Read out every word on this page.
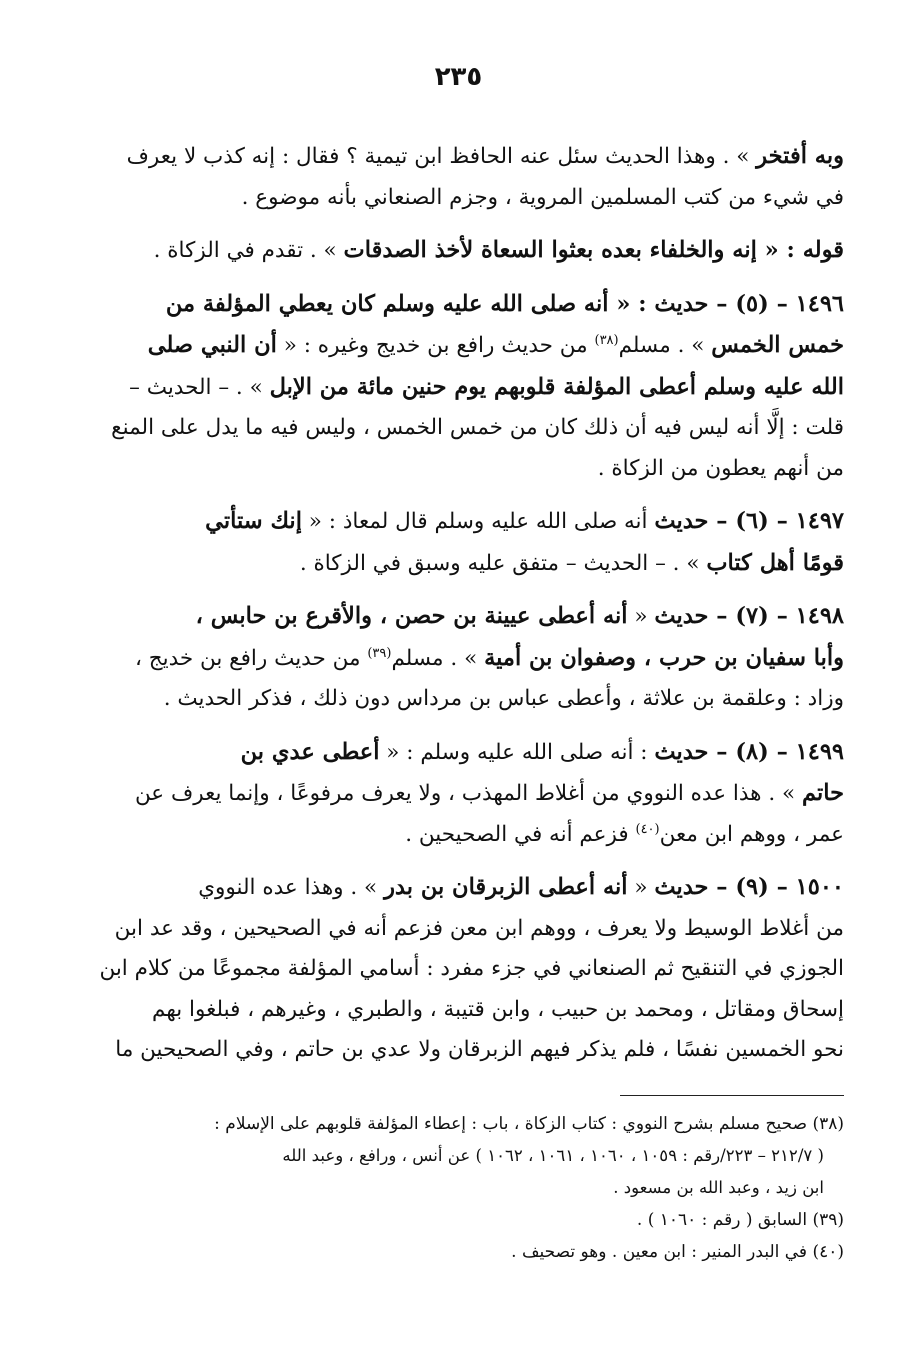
٢٣٥
وبه أفتخر » . وهذا الحديث سئل عنه الحافظ ابن تيمية ؟ فقال : إنه كذب لا يعرف
في شيء من كتب المسلمين المروية ، وجزم الصنعاني بأنه موضوع .
قوله : « إنه والخلفاء بعده بعثوا السعاة لأخذ الصدقات » . تقدم في الزكاة .
١٤٩٦ – (٥) – حديث : « أنه صلى الله عليه وسلم كان يعطي المؤلفة من
خمس الخمس » . مسلم$^{(٣٨)}$ من حديث رافع بن خديج وغيره : « أن النبي صلى
الله عليه وسلم أعطى المؤلفة قلوبهم يوم حنين مائة من الإبل » . – الحديث –
قلت : إلَّا أنه ليس فيه أن ذلك كان من خمس الخمس ، وليس فيه ما يدل على المنع
من أنهم يعطون من الزكاة .
١٤٩٧ – (٦) – حديث أنه صلى الله عليه وسلم قال لمعاذ : « إنك ستأتي
قومًا أهل كتاب » . – الحديث – متفق عليه وسبق في الزكاة .
١٤٩٨ – (٧) – حديث « أنه أعطى عيينة بن حصن ، والأقرع بن حابس ،
وأبا سفيان بن حرب ، وصفوان بن أمية » . مسلم$^{(٣٩)}$ من حديث رافع بن خديج ،
وزاد : وعلقمة بن علاثة ، وأعطى عباس بن مرداس دون ذلك ، فذكر الحديث .
١٤٩٩ – (٨) – حديث : أنه صلى الله عليه وسلم : « أعطى عدي بن
حاتم » . هذا عده النووي من أغلاط المهذب ، ولا يعرف مرفوعًا ، وإنما يعرف عن
عمر ، ووهم ابن معن$^{(٤٠)}$ فزعم أنه في الصحيحين .
١٥٠٠ – (٩) – حديث « أنه أعطى الزبرقان بن بدر » . وهذا عده النووي
من أغلاط الوسيط ولا يعرف ، ووهم ابن معن فزعم أنه في الصحيحين ، وقد عد ابن
الجوزي في التنقيح ثم الصنعاني في جزء مفرد : أسامي المؤلفة مجموعًا من كلام ابن
إسحاق ومقاتل ، ومحمد بن حبيب ، وابن قتيبة ، والطبري ، وغيرهم ، فبلغوا بهم
نحو الخمسين نفسًا ، فلم يذكر فيهم الزبرقان ولا عدي بن حاتم ، وفي الصحيحين ما
(٣٨) صحيح مسلم بشرح النووي : كتاب الزكاة ، باب : إعطاء المؤلفة قلوبهم على الإسلام :
( ٢١٢/٧ – ٢٢٣/رقم : ١٠٥٩ ، ١٠٦٠ ، ١٠٦١ ، ١٠٦٢ ) عن أنس ، ورافع ، وعبد الله
ابن زيد ، وعبد الله بن مسعود .
(٣٩) السابق ( رقم : ١٠٦٠ ) .
(٤٠) في البدر المنير : ابن معين . وهو تصحيف .
